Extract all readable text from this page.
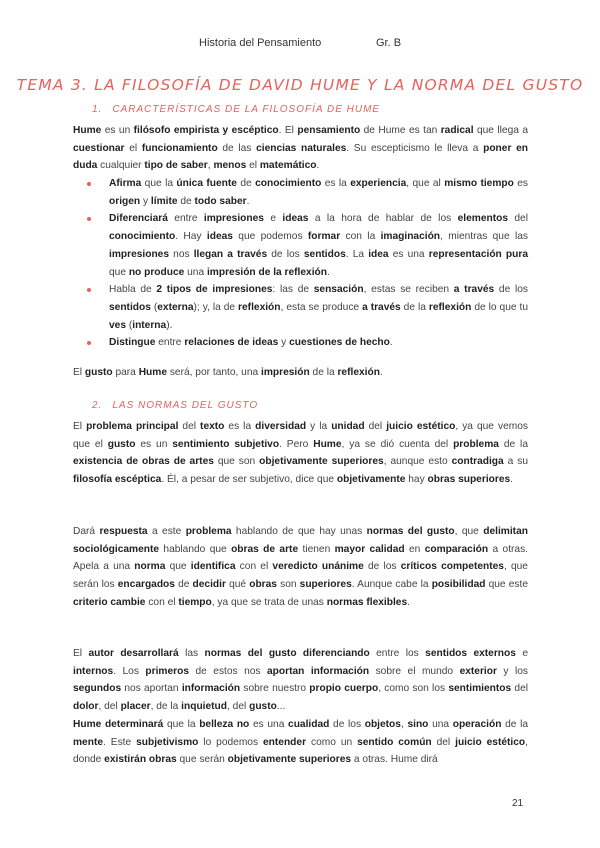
Historia del Pensamiento	Gr. B
TEMA 3. LA FILOSOFÍA DE DAVID HUME Y LA NORMA DEL GUSTO
1. CARACTERÍSTICAS DE LA FILOSOFÍA DE HUME
Hume es un filósofo empirista y escéptico. El pensamiento de Hume es tan radical que llega a cuestionar el funcionamiento de las ciencias naturales. Su escepticismo le lleva a poner en duda cualquier tipo de saber, menos el matemático.
Afirma que la única fuente de conocimiento es la experiencia, que al mismo tiempo es origen y límite de todo saber.
Diferenciará entre impresiones e ideas a la hora de hablar de los elementos del conocimiento. Hay ideas que podemos formar con la imaginación, mientras que las impresiones nos llegan a través de los sentidos. La idea es una representación pura que no produce una impresión de la reflexión.
Habla de 2 tipos de impresiones: las de sensación, estas se reciben a través de los sentidos (externa); y, la de reflexión, esta se produce a través de la reflexión de lo que tu ves (interna).
Distingue entre relaciones de ideas y cuestiones de hecho.
El gusto para Hume será, por tanto, una impresión de la reflexión.
2. LAS NORMAS DEL GUSTO
El problema principal del texto es la diversidad y la unidad del juicio estético, ya que vemos que el gusto es un sentimiento subjetivo. Pero Hume, ya se dió cuenta del problema de la existencia de obras de artes que son objetivamente superiores, aunque esto contradiga a su filosofía escéptica. Él, a pesar de ser subjetivo, dice que objetivamente hay obras superiores.
Dará respuesta a este problema hablando de que hay unas normas del gusto, que delimitan sociológicamente hablando que obras de arte tienen mayor calidad en comparación a otras. Apela a una norma que identifica con el veredicto unánime de los críticos competentes, que serán los encargados de decidir qué obras son superiores. Aunque cabe la posibilidad que este criterio cambie con el tiempo, ya que se trata de unas normas flexibles.
El autor desarrollará las normas del gusto diferenciando entre los sentidos externos e internos. Los primeros de estos nos aportan información sobre el mundo exterior y los segundos nos aportan información sobre nuestro propio cuerpo, como son los sentimientos del dolor, del placer, de la inquietud, del gusto...
Hume determinará que la belleza no es una cualidad de los objetos, sino una operación de la mente. Este subjetivismo lo podemos entender como un sentido común del juicio estético, donde existirán obras que serán objetivamente superiores a otras. Hume dirá
21
